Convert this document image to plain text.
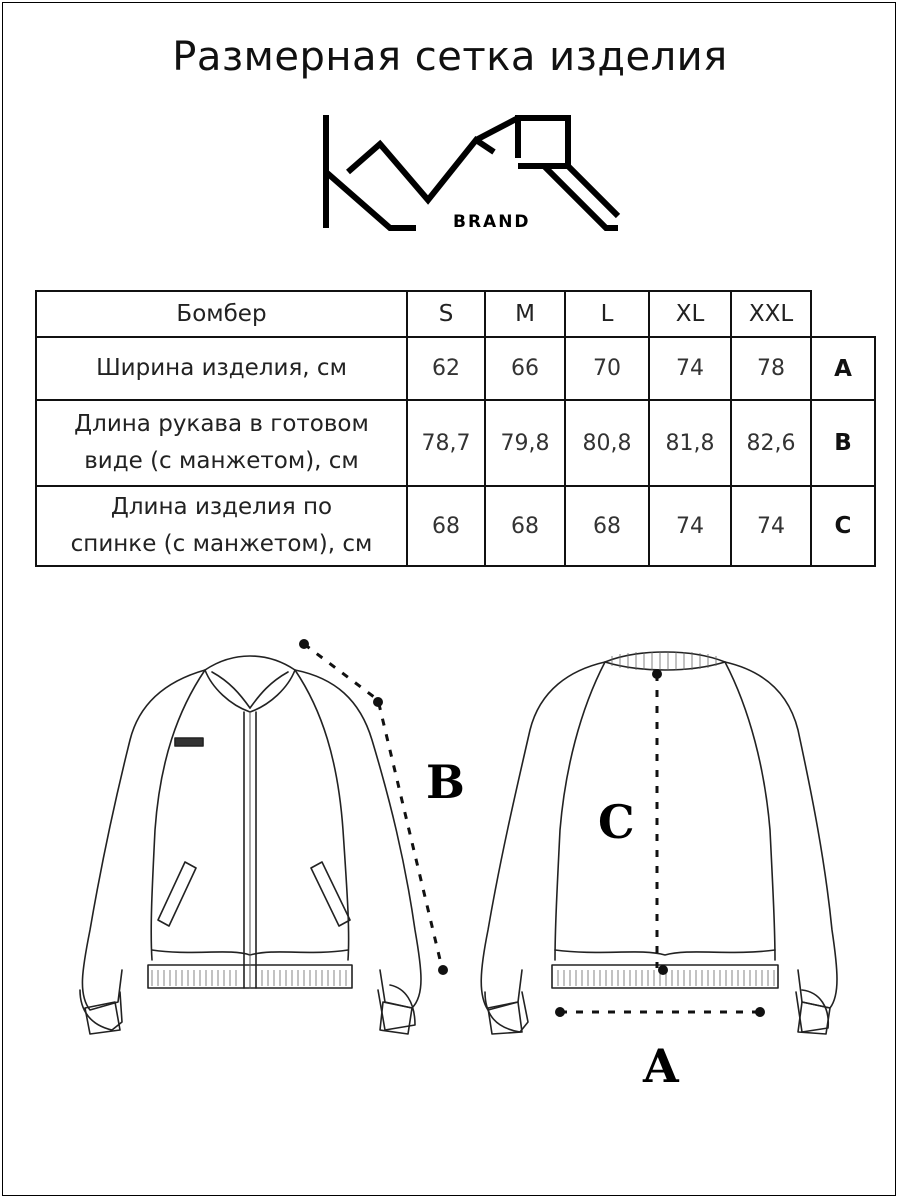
Размерная сетка изделия
BRAND
Бомбер	S	M	L	XL	XXL	
Ширина изделия, см	62	66	70	74	78	A
Длина рукава в готовом
виде (с манжетом), см	78,7	79,8	80,8	81,8	82,6	B
Длина изделия по
спинке (с манжетом), см	68	68	68	74	74	C
B
C
A
